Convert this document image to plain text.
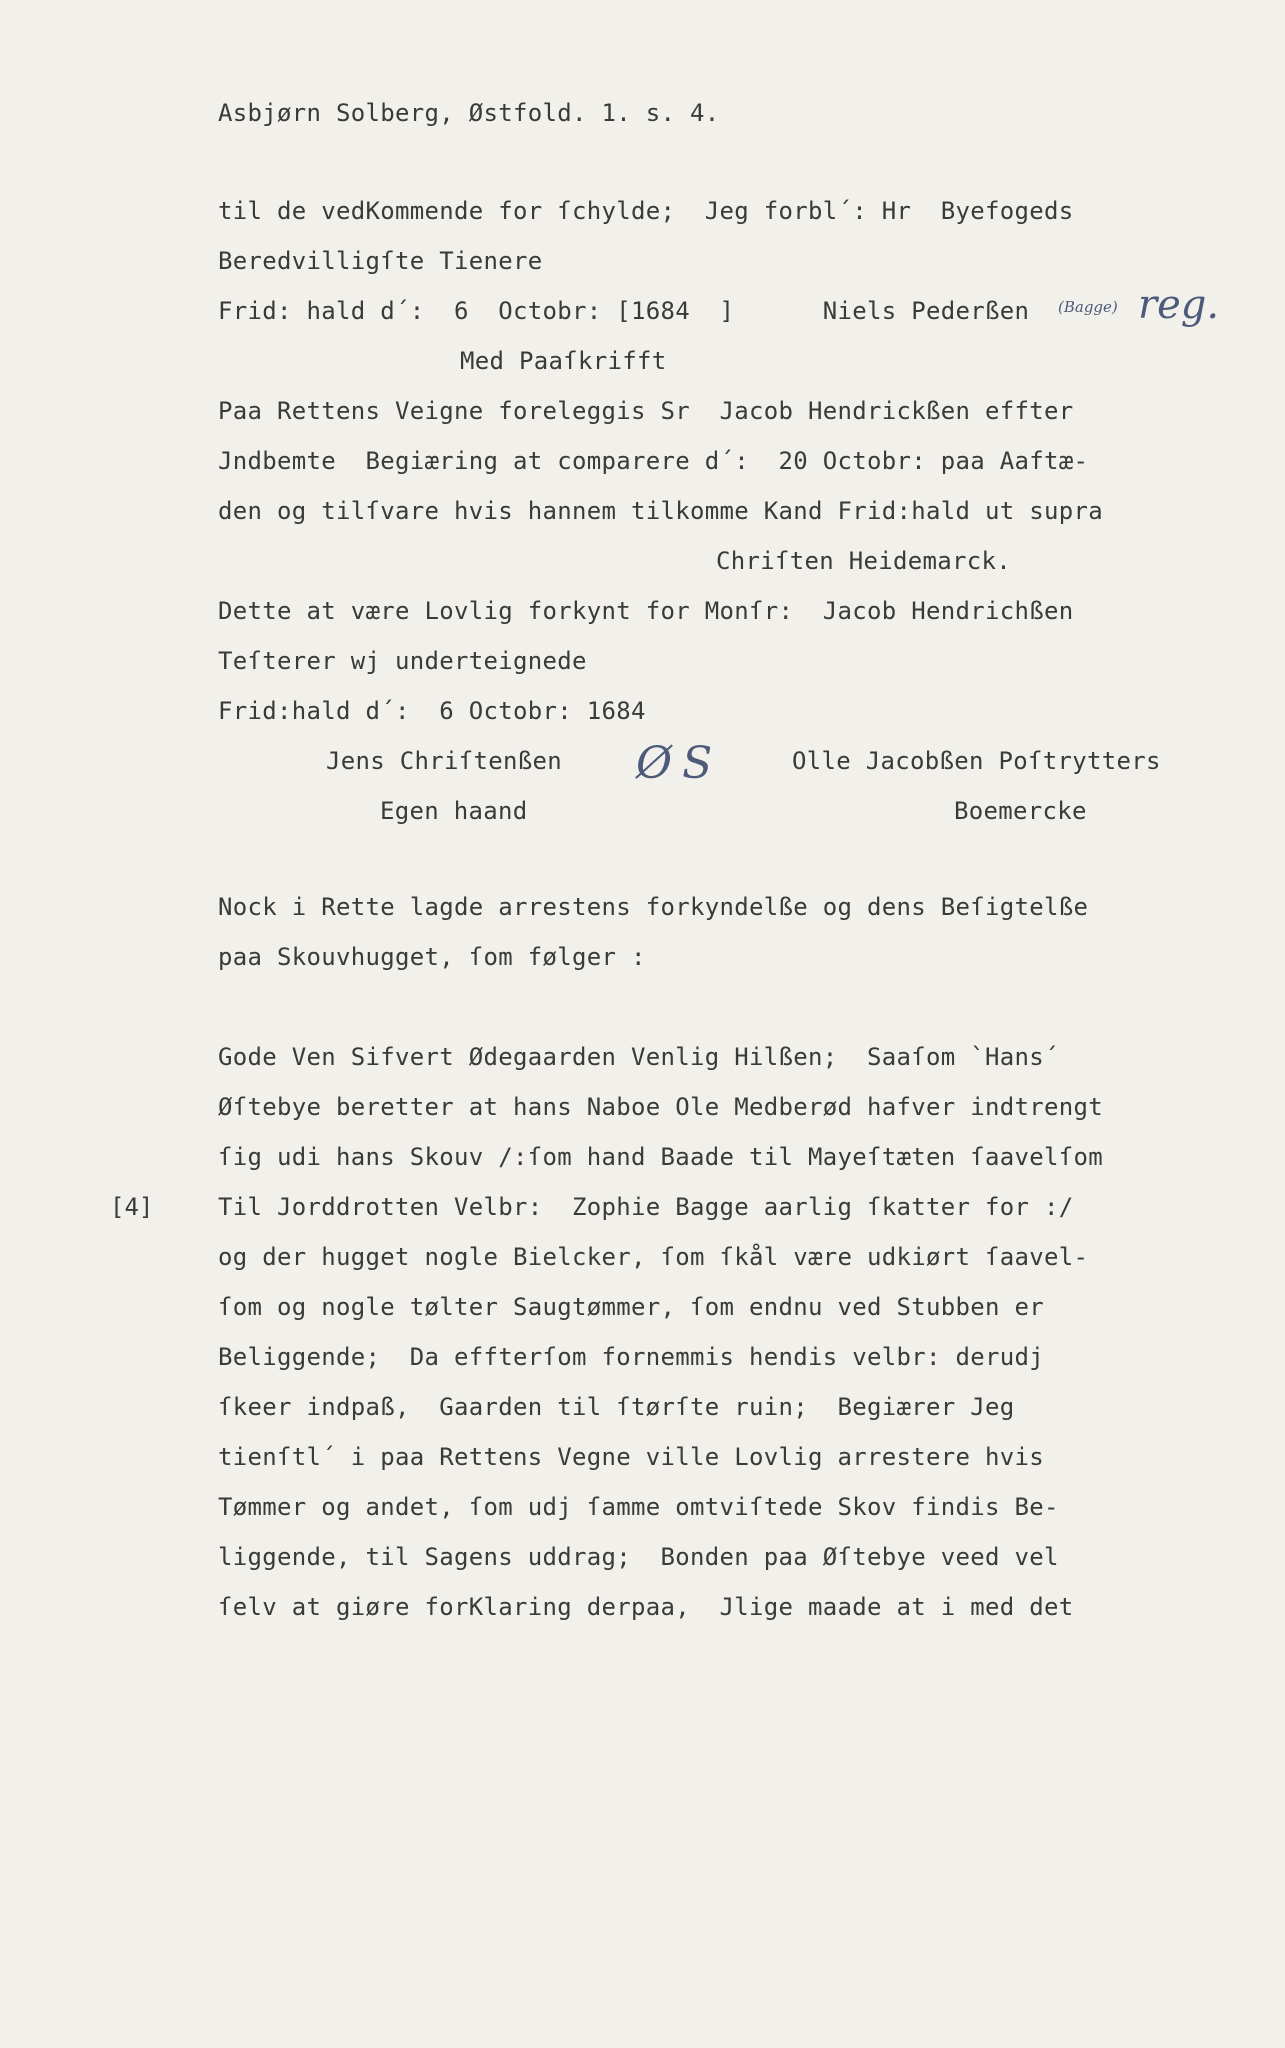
Asbjørn Solberg, Østfold. 1. s. 4.
til de vedKommende for ſchylde;  Jeg forbl´: Hr  Byefogeds
Beredvilligſte Tienere
Frid: hald d´:  6  Octobr: [1684  ]      Niels Pederßen (Bagge) reg.
Med Paaſkrifft
Paa Rettens Veigne foreleggis Sr  Jacob Hendrickßen effter
Jndbemte  Begiæring at comparere d´:  20 Octobr: paa Aaftæ-
den og tilſvare hvis hannem tilkomme Kand Frid:hald ut supra
Chriſten Heidemarck.
Dette at være Lovlig forkynt for Monſr:  Jacob Hendrichßen
Teſterer wj underteignede
Frid:hald d´:  6 Octobr: 1684
Jens Chriſtenßen ØS	Olle Jacobßen Poſtrytters
Egen haand	Boemercke
Nock i Rette lagde arrestens forkyndelße og dens Beſigtelße
paa Skouvhugget, ſom følger :
Gode Ven Sifvert Ødegaarden Venlig Hilßen;  Saaſom `Hans´
Øſtebye beretter at hans Naboe Ole Medberød hafver indtrengt
ſig udi hans Skouv /:ſom hand Baade til Mayeſtæten ſaavelſom
[4]	Til Jorddrotten Velbr:  Zophie Bagge aarlig ſkatter for :/
og der hugget nogle Bielcker, ſom ſkål være udkiørt ſaavel-
ſom og nogle tølter Saugtømmer, ſom endnu ved Stubben er
Beliggende;  Da effterſom fornemmis hendis velbr: derudj
ſkeer indpaß,  Gaarden til ſtørſte ruin;  Begiærer Jeg
tienſtl´ i paa Rettens Vegne ville Lovlig arrestere hvis
Tømmer og andet, ſom udj ſamme omtviſtede Skov findis Be-
liggende, til Sagens uddrag;  Bonden paa Øſtebye veed vel
ſelv at giøre forKlaring derpaa,  Jlige maade at i med det
